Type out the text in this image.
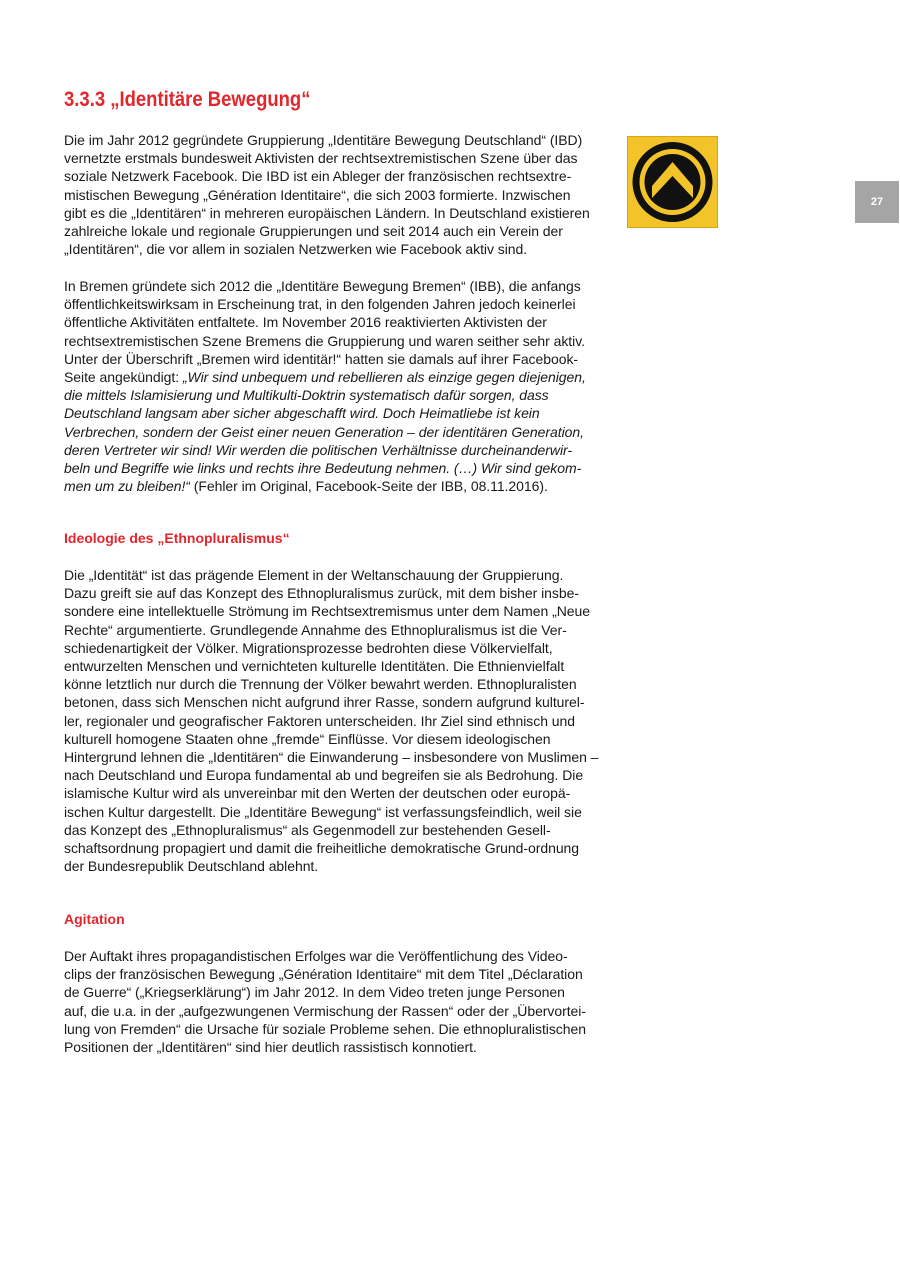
3.3.3 „Identitäre Bewegung“
Die im Jahr 2012 gegründete Gruppierung „Identitäre Bewegung Deutschland“ (IBD)
vernetzte erstmals bundesweit Aktivisten der rechtsextremistischen Szene über das
soziale Netzwerk Facebook. Die IBD ist ein Ableger der französischen rechtsextre-
mistischen Bewegung „Génération Identitaire“, die sich 2003 formierte. Inzwischen
gibt es die „Identitären“ in mehreren europäischen Ländern. In Deutschland existieren
zahlreiche lokale und regionale Gruppierungen und seit 2014 auch ein Verein der
„Identitären“, die vor allem in sozialen Netzwerken wie Facebook aktiv sind.
In Bremen gründete sich 2012 die „Identitäre Bewegung Bremen“ (IBB), die anfangs
öffentlichkeitswirksam in Erscheinung trat, in den folgenden Jahren jedoch keinerlei
öffentliche Aktivitäten entfaltete. Im November 2016 reaktivierten Aktivisten der
rechtsextremistischen Szene Bremens die Gruppierung und waren seither sehr aktiv.
Unter der Überschrift „Bremen wird identitär!“ hatten sie damals auf ihrer Facebook-
Seite angekündigt: „Wir sind unbequem und rebellieren als einzige gegen diejenigen,
die mittels Islamisierung und Multikulti-Doktrin systematisch dafür sorgen, dass
Deutschland langsam aber sicher abgeschafft wird. Doch Heimatliebe ist kein
Verbrechen, sondern der Geist einer neuen Generation – der identitären Generation,
deren Vertreter wir sind! Wir werden die politischen Verhältnisse durcheinanderwir-
beln und Begriffe wie links und rechts ihre Bedeutung nehmen. (…) Wir sind gekom-
men um zu bleiben!“ (Fehler im Original, Facebook-Seite der IBB, 08.11.2016).
Ideologie des „Ethnopluralismus“
Die „Identität“ ist das prägende Element in der Weltanschauung der Gruppierung.
Dazu greift sie auf das Konzept des Ethnopluralismus zurück, mit dem bisher insbe-
sondere eine intellektuelle Strömung im Rechtsextremismus unter dem Namen „Neue
Rechte“ argumentierte. Grundlegende Annahme des Ethnopluralismus ist die Ver-
schiedenartigkeit der Völker. Migrationsprozesse bedrohten diese Völkervielfalt,
entwurzelten Menschen und vernichteten kulturelle Identitäten. Die Ethnienvielfalt
könne letztlich nur durch die Trennung der Völker bewahrt werden. Ethnopluralisten
betonen, dass sich Menschen nicht aufgrund ihrer Rasse, sondern aufgrund kulturel-
ler, regionaler und geografischer Faktoren unterscheiden. Ihr Ziel sind ethnisch und
kulturell homogene Staaten ohne „fremde“ Einflüsse. Vor diesem ideologischen
Hintergrund lehnen die „Identitären“ die Einwanderung – insbesondere von Muslimen –
nach Deutschland und Europa fundamental ab und begreifen sie als Bedrohung. Die
islamische Kultur wird als unvereinbar mit den Werten der deutschen oder europä-
ischen Kultur dargestellt. Die „Identitäre Bewegung“ ist verfassungsfeindlich, weil sie
das Konzept des „Ethnopluralismus“ als Gegenmodell zur bestehenden Gesell-
schaftsordnung propagiert und damit die freiheitliche demokratische Grund-ordnung
der Bundesrepublik Deutschland ablehnt.
Agitation
Der Auftakt ihres propagandistischen Erfolges war die Veröffentlichung des Video-
clips der französischen Bewegung „Génération Identitaire“ mit dem Titel „Déclaration
de Guerre“ („Kriegserklärung“) im Jahr 2012. In dem Video treten junge Personen
auf, die u.a. in der „aufgezwungenen Vermischung der Rassen“ oder der „Übervortei-
lung von Fremden“ die Ursache für soziale Probleme sehen. Die ethnopluralistischen
Positionen der „Identitären“ sind hier deutlich rassistisch konnotiert.
27
